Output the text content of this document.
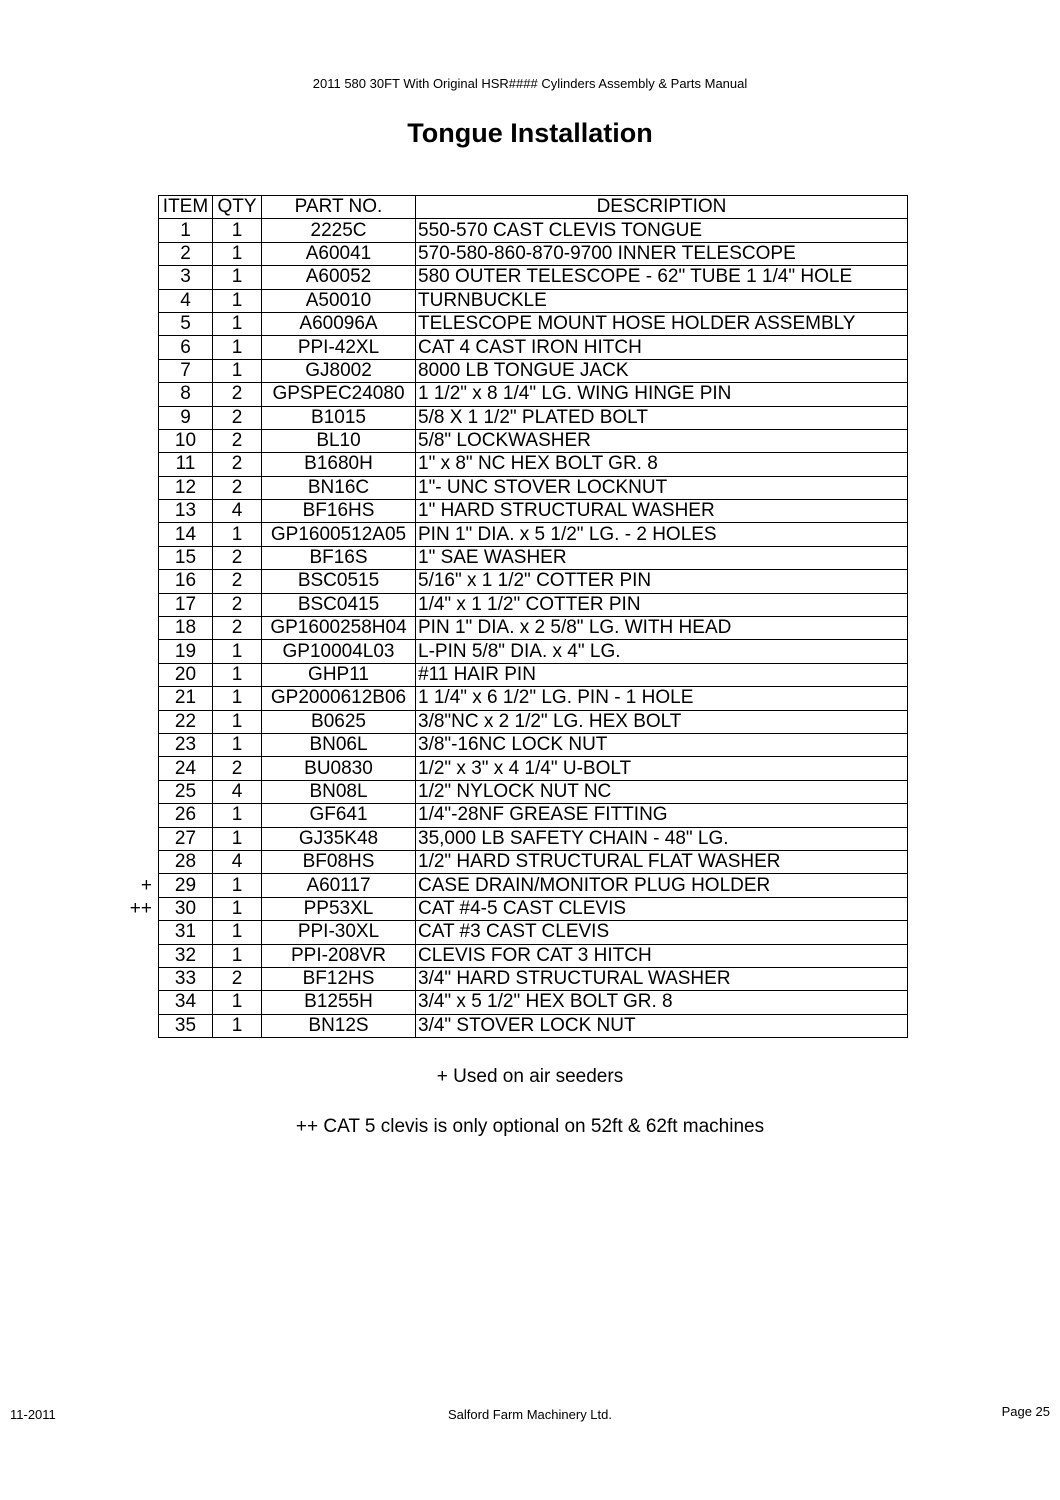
2011 580 30FT With Original HSR#### Cylinders Assembly & Parts Manual
Tongue Installation
ITEM	QTY	PART NO.	DESCRIPTION
1	1	2225C	550-570 CAST CLEVIS TONGUE
2	1	A60041	570-580-860-870-9700 INNER TELESCOPE
3	1	A60052	580 OUTER TELESCOPE - 62" TUBE 1 1/4" HOLE
4	1	A50010	TURNBUCKLE
5	1	A60096A	TELESCOPE MOUNT HOSE HOLDER ASSEMBLY
6	1	PPI-42XL	CAT 4 CAST IRON HITCH
7	1	GJ8002	8000 LB TONGUE JACK
8	2	GPSPEC24080	1 1/2" x 8 1/4" LG. WING HINGE PIN
9	2	B1015	5/8 X 1 1/2" PLATED BOLT
10	2	BL10	5/8" LOCKWASHER
11	2	B1680H	1" x 8" NC HEX BOLT GR. 8
12	2	BN16C	1"- UNC STOVER LOCKNUT
13	4	BF16HS	1" HARD STRUCTURAL WASHER
14	1	GP1600512A05	PIN 1" DIA. x 5 1/2" LG. - 2 HOLES
15	2	BF16S	1" SAE WASHER
16	2	BSC0515	5/16" x 1 1/2" COTTER PIN
17	2	BSC0415	1/4" x 1 1/2" COTTER PIN
18	2	GP1600258H04	PIN 1" DIA. x 2 5/8" LG. WITH HEAD
19	1	GP10004L03	L-PIN 5/8" DIA. x 4" LG.
20	1	GHP11	#11 HAIR PIN
21	1	GP2000612B06	1 1/4" x 6 1/2" LG. PIN - 1 HOLE
22	1	B0625	3/8"NC x 2 1/2" LG. HEX BOLT
23	1	BN06L	3/8"-16NC LOCK NUT
24	2	BU0830	1/2" x 3" x 4 1/4" U-BOLT
25	4	BN08L	1/2" NYLOCK NUT NC
26	1	GF641	1/4"-28NF GREASE FITTING
27	1	GJ35K48	35,000 LB SAFETY CHAIN - 48" LG.
28	4	BF08HS	1/2" HARD STRUCTURAL FLAT WASHER
29	1	A60117	CASE DRAIN/MONITOR PLUG HOLDER
30	1	PP53XL	CAT #4-5 CAST CLEVIS
31	1	PPI-30XL	CAT #3 CAST CLEVIS
32	1	PPI-208VR	CLEVIS FOR CAT 3 HITCH
33	2	BF12HS	3/4" HARD STRUCTURAL WASHER
34	1	B1255H	3/4" x 5 1/2" HEX BOLT GR. 8
35	1	BN12S	3/4" STOVER LOCK NUT
+
++
+ Used on air seeders
++ CAT 5 clevis is only optional on 52ft & 62ft machines
11-2011	Salford Farm Machinery Ltd.	Page 25
